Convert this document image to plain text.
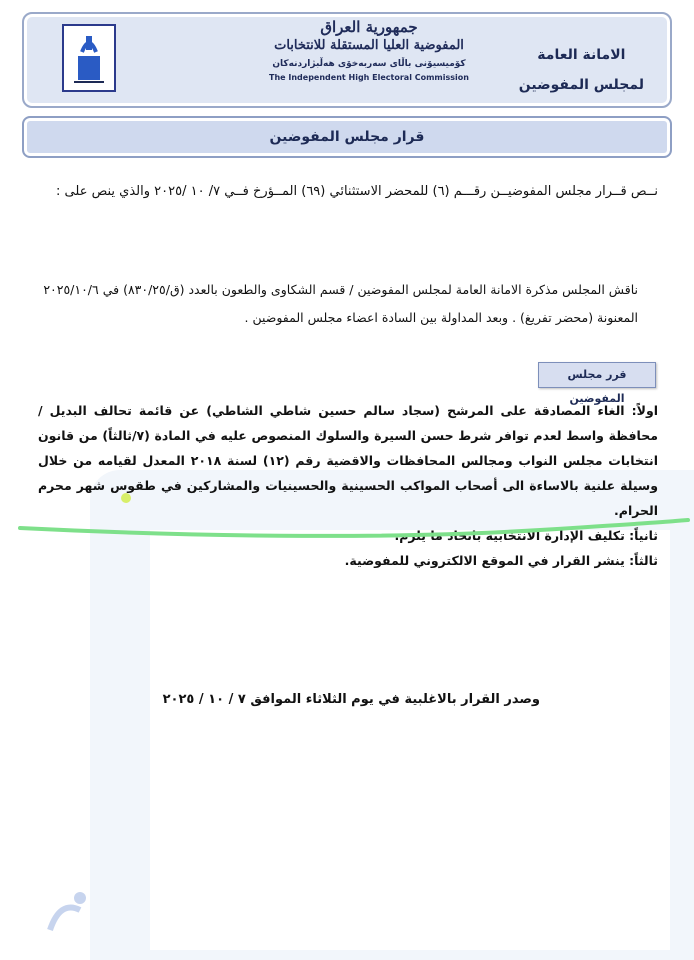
جمهورية العراق
المفوضية العليا المستقلة للانتخابات
كۆمیسیۆنی باڵای سەربەخۆی هەڵبژاردنەکان
The Independent High Electoral Commission
الامانة العامة
لمجلس المفوضين
قرار مجلس المفوضين
نــص قــرار مجلس المفوضيــن رقـــم (٦) للمحضر الاستثنائي (٦٩) المــؤرخ فــي ٧/ ١٠ /٢٠٢٥ والذي ينص على :
ناقش المجلس مذكرة الامانة العامة لمجلس المفوضين / قسم الشكاوى والطعون بالعدد (ق/٨٣٠/٢٥) في ٢٠٢٥/١٠/٦ المعنونة (محضر تفريغ) . وبعد المداولة بين السادة اعضاء مجلس المفوضين .
قرر مجلس المفوضين
اولاً: الغاء المصادقة على المرشح (سجاد سالم حسين شاطي الشاطي) عن قائمة تحالف البديل / محافظة واسط لعدم توافر شرط حسن السيرة والسلوك المنصوص عليه في المادة (٧/ثالثاً) من قانون انتخابات مجلس النواب ومجالس المحافظات والاقضية رقم (١٢) لسنة ٢٠١٨ المعدل لقيامه من خلال وسيلة علنية بالاساءة الى أصحاب المواكب الحسينية والحسينيات والمشاركين في طقوس شهر محرم الحرام.
ثانياً: تكليف الإدارة الانتخابية باتخاذ ما يلزم.
ثالثاً: ينشر القرار في الموقع الالكتروني للمفوضية.
وصدر القرار بالاغلبية في يوم الثلاثاء الموافق ٧ / ١٠ / ٢٠٢٥
